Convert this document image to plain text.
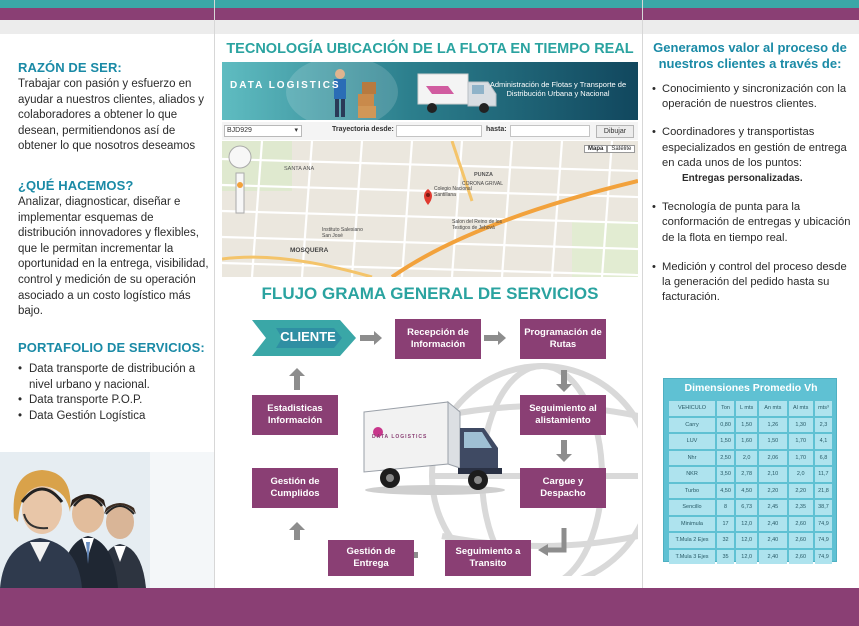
RAZÓN DE SER:
Trabajar con pasión y esfuerzo en ayudar a nuestros clientes, aliados y colaboradores a obtener lo que desean, permitiendonos así de obtener lo que nosotros deseamos
¿QUÉ HACEMOS?
Analizar, diagnosticar, diseñar e implementar esquemas de distribución innovadores y flexibles, que le permitan incrementar la oportunidad en la entrega, visibilidad, control y medición de su operación asociado a un costo logístico más bajo.
PORTAFOLIO DE SERVICIOS:
• Data transporte de distribución a nivel urbano y nacional.
• Data transporte P.O.P.
• Data Gestión Logística
TECNOLOGÍA UBICACIÓN DE LA FLOTA EN TIEMPO REAL
DATA LOGISTICS	Administración de Flotas y Transporte de Distribución Urbana y Nacional
BJD929	▾	Trayectoria desde:	hasta:	Dibujar
Mapa	Satélite
SANTA ANA
PUNZA
CORONA GRIVAL
MOSQUERA
Salon del Reino de los Testigos de Jehová
Instituto Salesiano San José
Colegio Nacional Santillana
FLUJO GRAMA GENERAL DE SERVICIOS
CLIENTE	Recepción de Información
Programación de Rutas
Seguimiento al alistamiento
Cargue y Despacho
Seguimiento a Transito
Gestión de Entrega
Gestión de Cumplidos
Estadisticas Información
DATA LOGISTICS
Generamos valor al proceso de nuestros clientes a través de:
• Conocimiento y sincronización con la operación de nuestros clientes.
• Coordinadores y transportistas especializados en gestión de entrega en cada unos de los puntos:
Entregas personalizadas.
• Tecnología de punta para la conformación de entregas y ubicación de la flota en tiempo real.
• Medición y control del proceso desde la generación del pedido hasta su facturación.
Dimensiones Promedio Vh
VEHICULO	Ton	L mts	An mts	Al mts	mts³
Carry	0,80	1,50	1,26	1,30	2,3
LUV	1,50	1,60	1,50	1,70	4,1
Nhr	2,50	2,0	2,06	1,70	6,8
NKR	3,50	2,78	2,10	2,0	11,7
Turbo	4,50	4,50	2,20	2,20	21,8
Sencillo	8	6,73	2,45	2,35	38,7
Minimula	17	12,0	2,40	2,60	74,9
T.Mula 2 Ejes	32	12,0	2,40	2,60	74,9
T.Mula 3 Ejes	35	12,0	2,40	2,60	74,9
